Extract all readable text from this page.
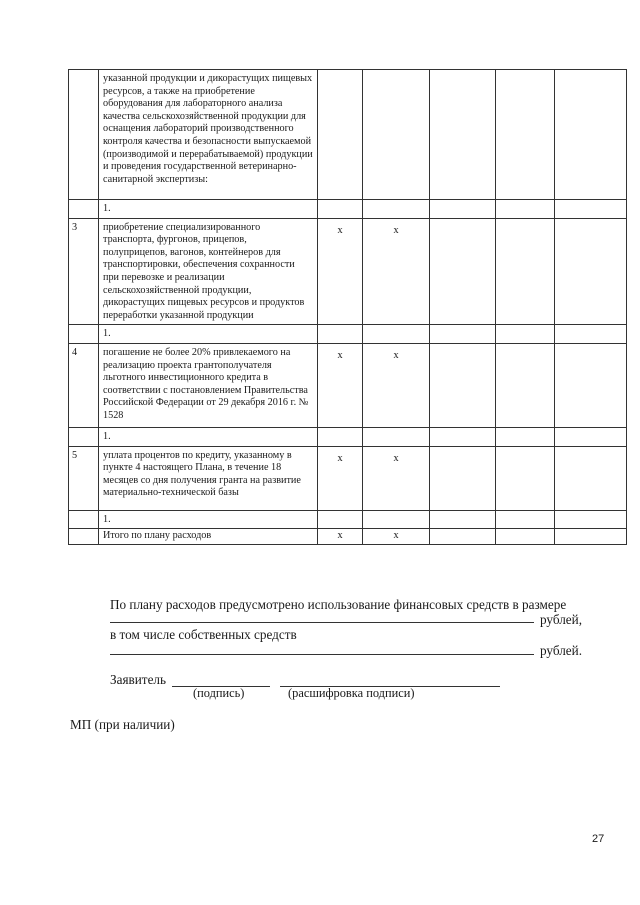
	указанной продукции и дикорастущих пищевых ресурсов, а также на приобретение оборудования для лабораторного анализа качества сельскохозяйственной продукции для оснащения лабораторий производственного контроля качества и безопасности выпускаемой (производимой и перерабатываемой) продукции и проведения государственной ветеринарно-санитарной экспертизы:					
	1.					
3	приобретение специализированного транспорта, фургонов, прицепов, полуприцепов, вагонов, контейнеров для транспортировки, обеспечения сохранности при перевозке и реализации сельскохозяйственной продукции, дикорастущих пищевых ресурсов и продуктов переработки указанной продукции	x	x			
	1.					
4	погашение не более 20% привлекаемого на реализацию проекта грантополучателя льготного инвестиционного кредита в соответствии с постановлением Правительства Российской Федерации от 29 декабря 2016 г. № 1528	x	x			
	1.					
5	уплата процентов по кредиту, указанному в пункте 4 настоящего Плана, в течение 18 месяцев со дня получения гранта на развитие материально-технической базы	x	x			
	1.					
	Итого по плану расходов	x	x			
По плану расходов предусмотрено использование финансовых средств в размере
рублей,
в том числе собственных средств
рублей.
Заявитель
(подпись)	(расшифровка подписи)
МП (при наличии)
27
